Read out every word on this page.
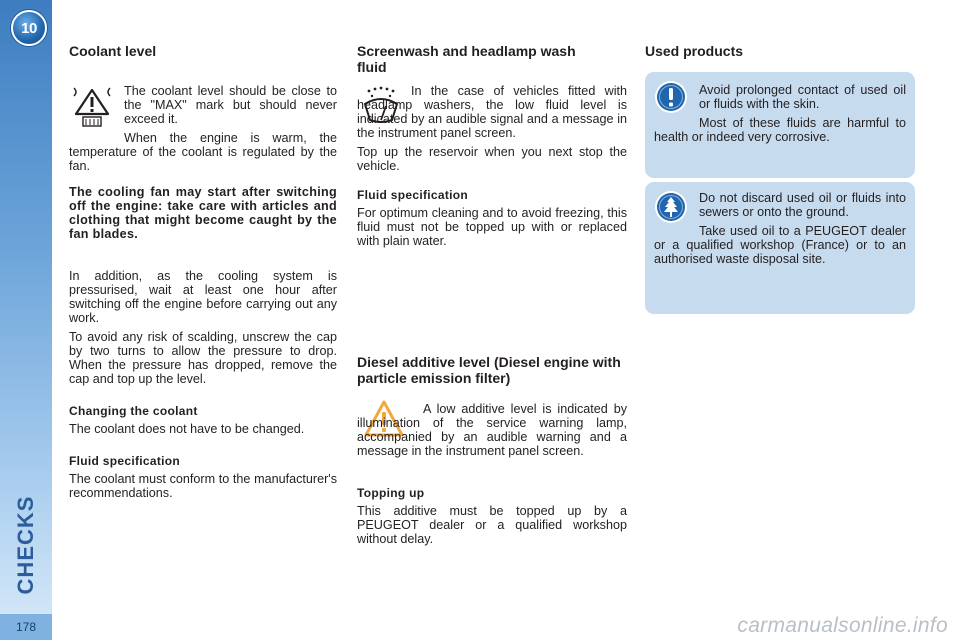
10
CHECKS
178
Coolant level

The coolant level should be close to the "MAX" mark but should never exceed it.

When the engine is warm, the temperature of the coolant is regulated by the fan.

The cooling fan may start after switching off the engine: take care with articles and clothing that might become caught by the fan blades.

In addition, as the cooling system is pressurised, wait at least one hour after switching off the engine before carrying out any work.

To avoid any risk of scalding, unscrew the cap by two turns to allow the pressure to drop. When the pressure has dropped, remove the cap and top up the level.

Changing the coolant

The coolant does not have to be changed.

Fluid specification

The coolant must conform to the manufacturer's recommendations.

Screenwash and headlamp wash fluid

In the case of vehicles fitted with headlamp washers, the low fluid level is indicated by an audible signal and a message in the instrument panel screen.

Top up the reservoir when you next stop the vehicle.

Fluid specification

For optimum cleaning and to avoid freezing, this fluid must not be topped up with or replaced with plain water.

Diesel additive level (Diesel engine with particle emission filter)

A low additive level is indicated by illumination of the service warning lamp, accompanied by an audible warning and a message in the instrument panel screen.

Topping up

This additive must be topped up by a PEUGEOT dealer or a qualified workshop without delay.

Used products

Avoid prolonged contact of used oil or fluids with the skin.

Most of these fluids are harmful to health or indeed very corrosive.

Do not discard used oil or fluids into sewers or onto the ground.

Take used oil to a PEUGEOT dealer or a qualified workshop (France) or to an authorised waste disposal site.

carmanualsonline.info
